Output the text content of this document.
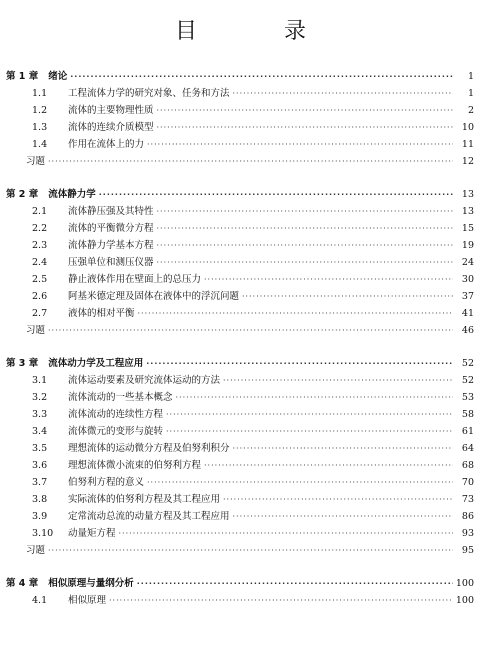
目 录
第 1 章	绪论 ·····	1
1.1	工程流体力学的研究对象、任务和方法 ·····	1
1.2	流体的主要物理性质 ·····	2
1.3	流体的连续介质模型 ·····	10
1.4	作用在流体上的力 ·····	11
习题 ·····	12
第 2 章	流体静力学 ·····	13
2.1	流体静压强及其特性 ·····	13
2.2	流体的平衡微分方程 ·····	15
2.3	流体静力学基本方程 ·····	19
2.4	压强单位和测压仪器 ·····	24
2.5	静止液体作用在壁面上的总压力 ·····	30
2.6	阿基米德定理及固体在液体中的浮沉问题 ·····	37
2.7	液体的相对平衡 ·····	41
习题 ·····	46
第 3 章	流体动力学及工程应用 ·····	52
3.1	流体运动要素及研究流体运动的方法 ·····	52
3.2	流体流动的一些基本概念 ·····	53
3.3	流体流动的连续性方程 ·····	58
3.4	流体微元的变形与旋转 ·····	61
3.5	理想流体的运动微分方程及伯努利积分 ·····	64
3.6	理想流体微小流束的伯努利方程 ·····	68
3.7	伯努利方程的意义 ·····	70
3.8	实际流体的伯努利方程及其工程应用 ·····	73
3.9	定常流动总流的动量方程及其工程应用 ·····	86
3.10	动量矩方程 ·····	93
习题 ·····	95
第 4 章	相似原理与量纲分析 ·····	100
4.1	相似原理 ·····	100
